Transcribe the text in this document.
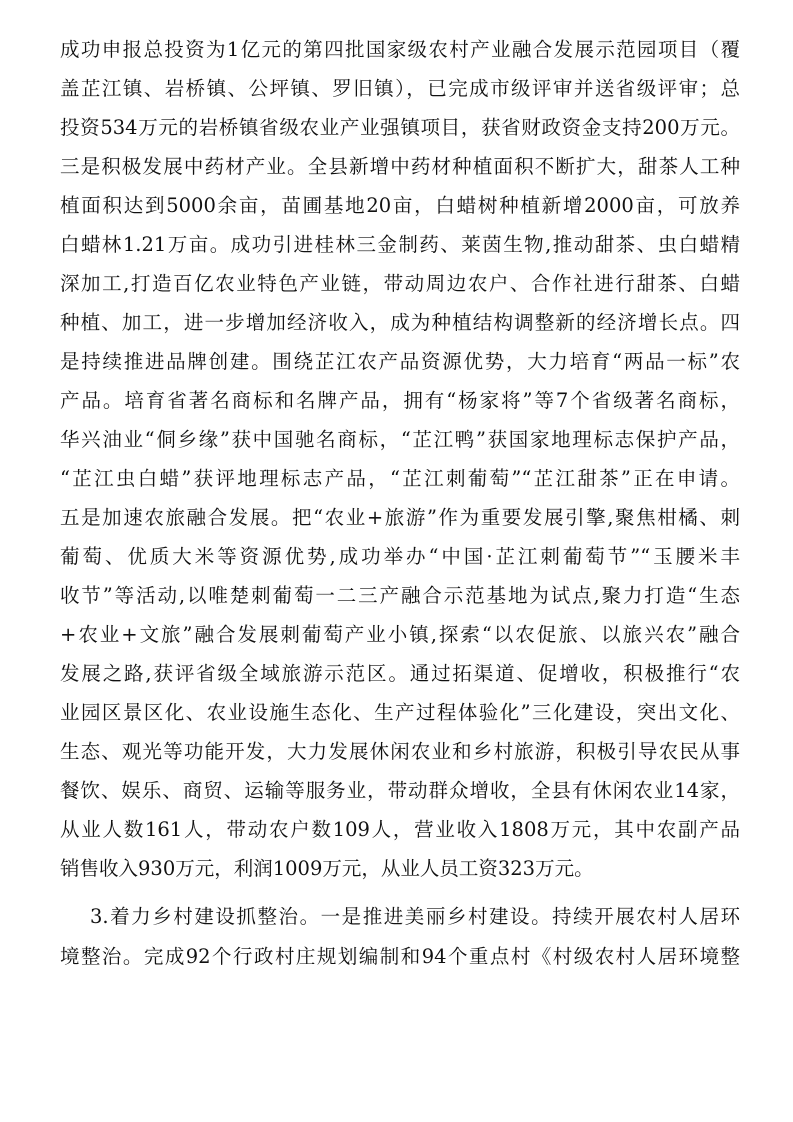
成功申报总投资为1亿元的第四批国家级农村产业融合发展示范园项目（覆
盖芷江镇、岩桥镇、公坪镇、罗旧镇），已完成市级评审并送省级评审；总
投资534万元的岩桥镇省级农业产业强镇项目，获省财政资金支持200万元。
三是积极发展中药材产业。全县新增中药材种植面积不断扩大，甜茶人工种
植面积达到5000余亩，苗圃基地20亩，白蜡树种植新增2000亩，可放养
白蜡林1.21万亩。成功引进桂林三金制药、莱茵生物,推动甜茶、虫白蜡精
深加工,打造百亿农业特色产业链，带动周边农户、合作社进行甜茶、白蜡
种植、加工，进一步增加经济收入，成为种植结构调整新的经济增长点。四
是持续推进品牌创建。围绕芷江农产品资源优势，大力培育“两品一标”农
产品。培育省著名商标和名牌产品，拥有“杨家将”等7个省级著名商标，
华兴油业“侗乡缘”获中国驰名商标，“芷江鸭”获国家地理标志保护产品，
“芷江虫白蜡”获评地理标志产品，“芷江刺葡萄”“芷江甜茶”正在申请。
五是加速农旅融合发展。把“农业+旅游”作为重要发展引擎,聚焦柑橘、刺
葡萄、优质大米等资源优势,成功举办“中国·芷江刺葡萄节”“玉腰米丰
收节”等活动,以唯楚刺葡萄一二三产融合示范基地为试点,聚力打造“生态
+农业+文旅”融合发展刺葡萄产业小镇,探索“以农促旅、以旅兴农”融合
发展之路,获评省级全域旅游示范区。通过拓渠道、促增收，积极推行“农
业园区景区化、农业设施生态化、生产过程体验化”三化建设，突出文化、
生态、观光等功能开发，大力发展休闲农业和乡村旅游，积极引导农民从事
餐饮、娱乐、商贸、运输等服务业，带动群众增收，全县有休闲农业14家，
从业人数161人，带动农户数109人，营业收入1808万元，其中农副产品
销售收入930万元，利润1009万元，从业人员工资323万元。
3.着力乡村建设抓整治。一是推进美丽乡村建设。持续开展农村人居环
境整治。完成92个行政村庄规划编制和94个重点村《村级农村人居环境整
